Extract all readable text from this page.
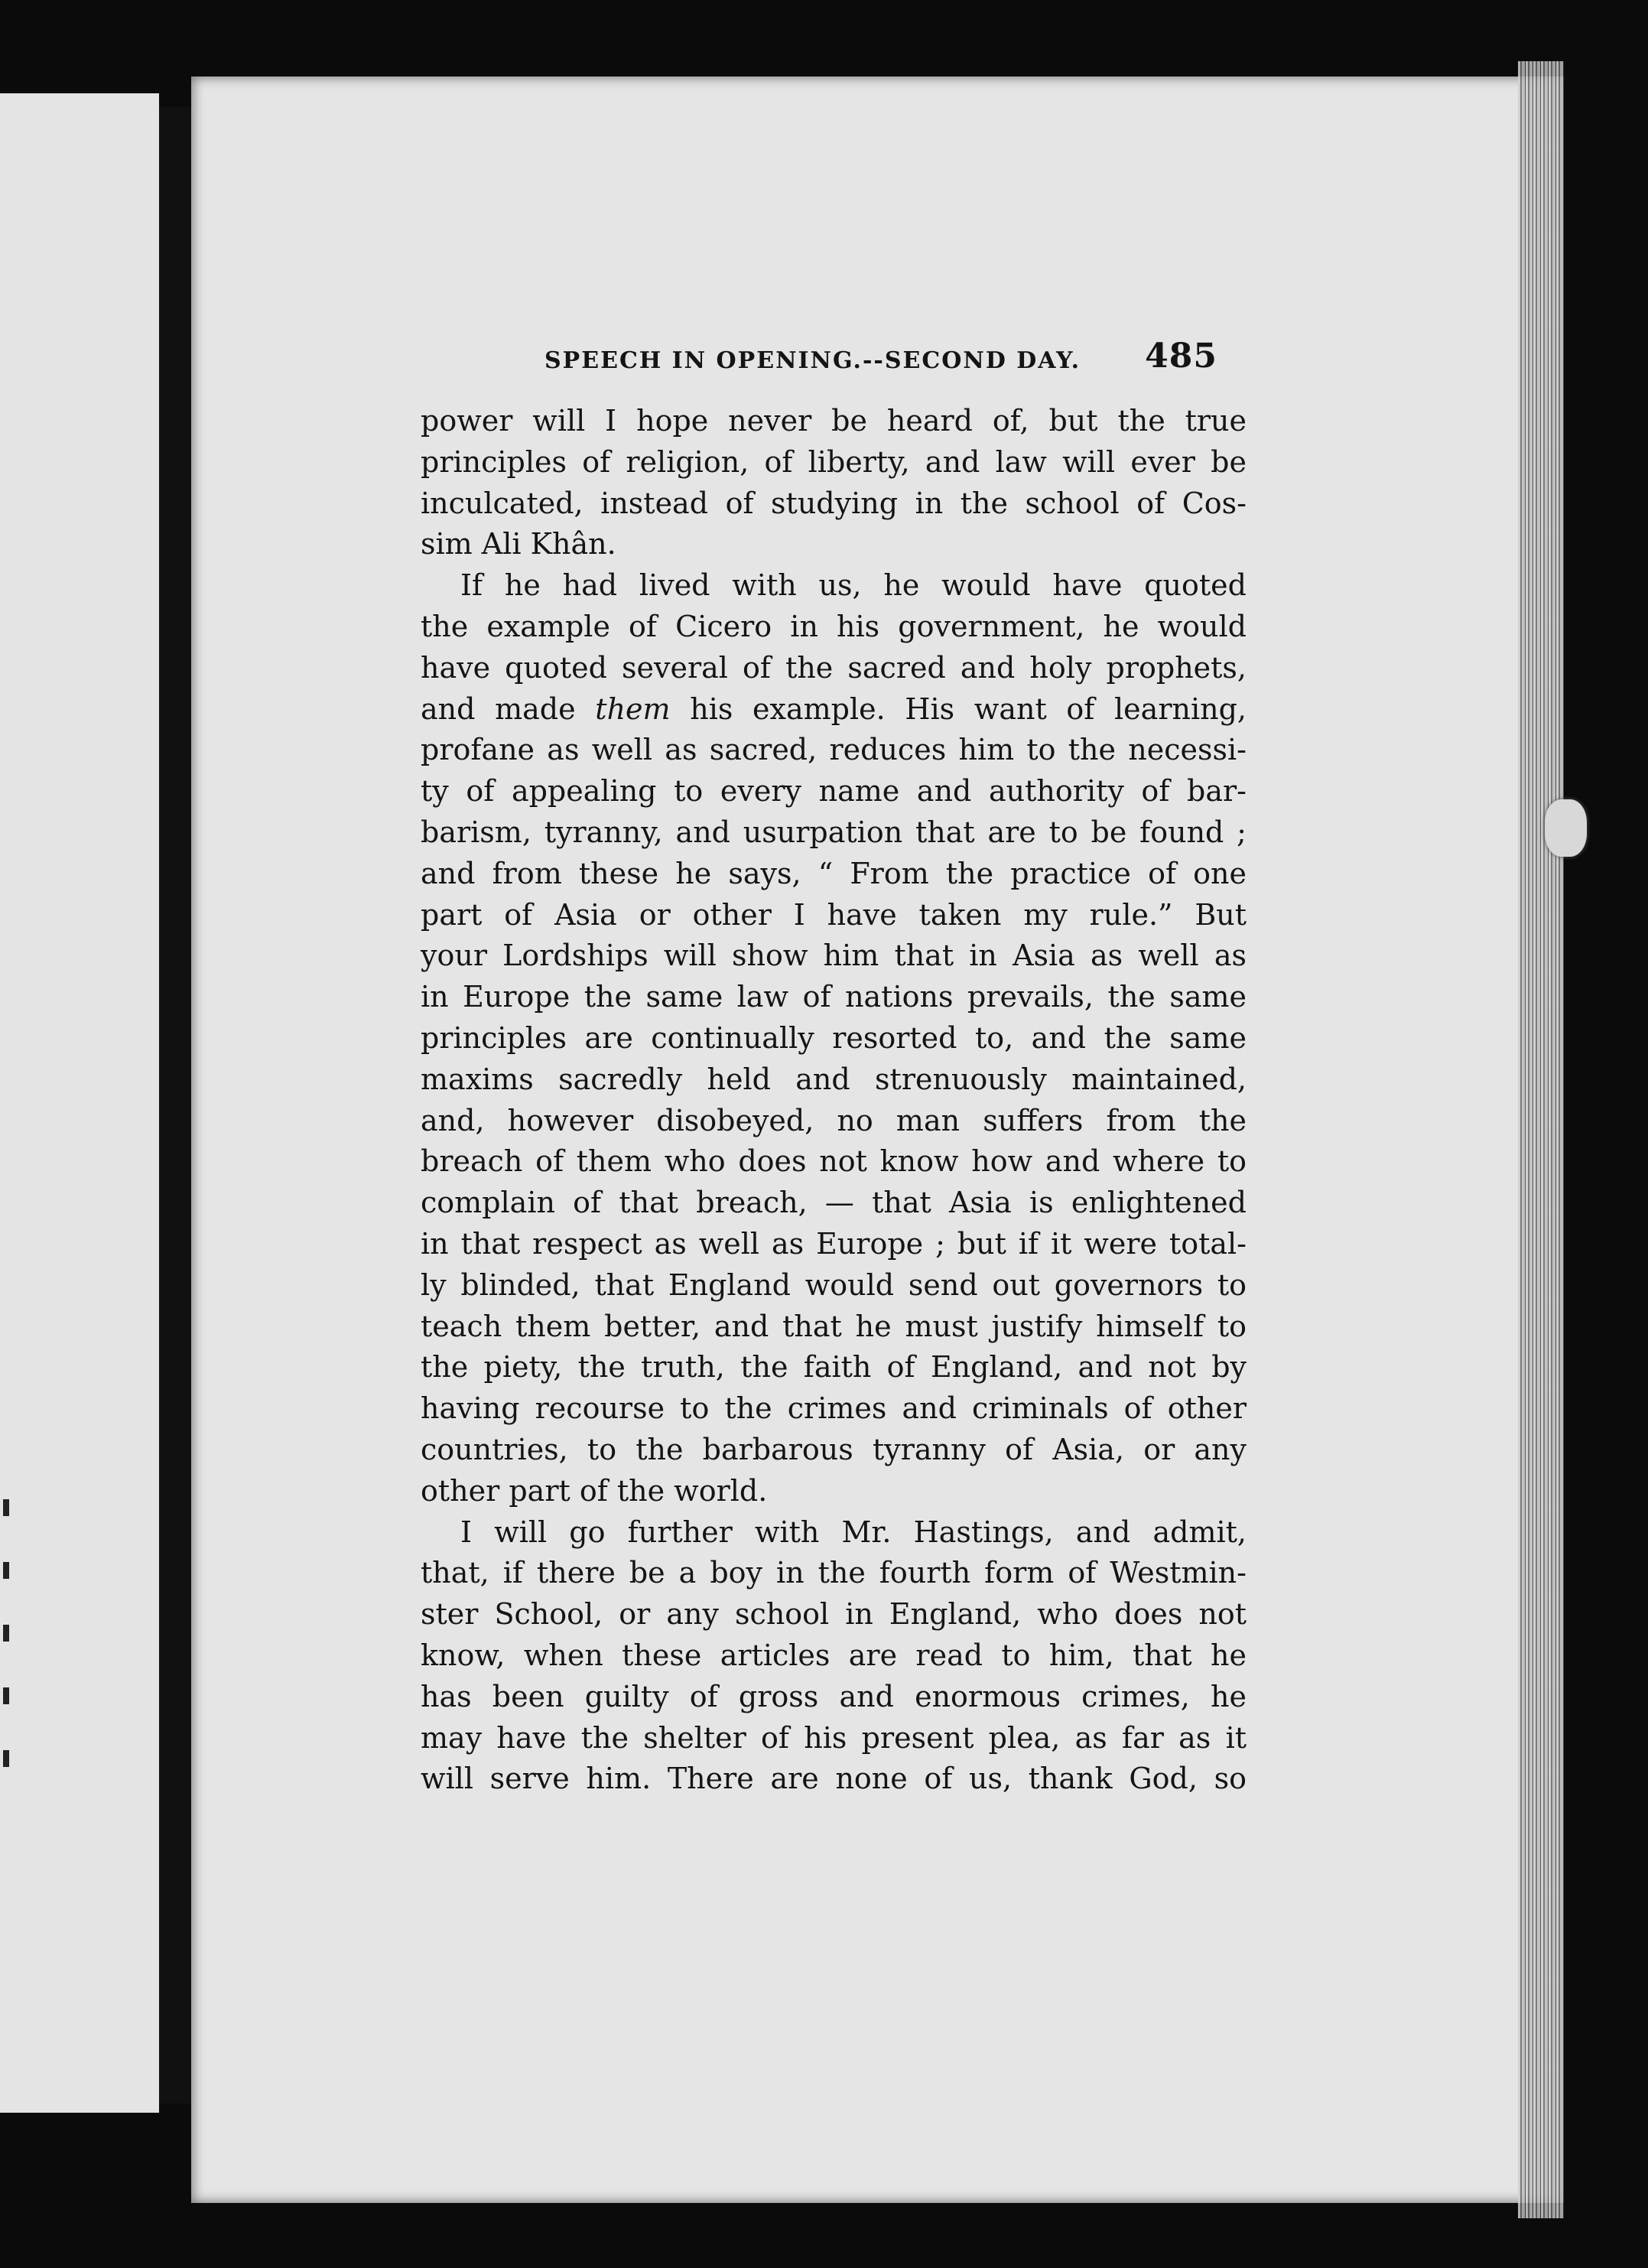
SPEECH IN OPENING.--SECOND DAY. 485
power will I hope never be heard of, but the true
principles of religion, of liberty, and law will ever be
inculcated, instead of studying in the school of Cos-
sim Ali Khân.
If he had lived with us, he would have quoted
the example of Cicero in his government, he would
have quoted several of the sacred and holy prophets,
and made them his example. His want of learning,
profane as well as sacred, reduces him to the necessi-
ty of appealing to every name and authority of bar-
barism, tyranny, and usurpation that are to be found ;
and from these he says, “ From the practice of one
part of Asia or other I have taken my rule.” But
your Lordships will show him that in Asia as well as
in Europe the same law of nations prevails, the same
principles are continually resorted to, and the same
maxims sacredly held and strenuously maintained,
and, however disobeyed, no man suffers from the
breach of them who does not know how and where to
complain of that breach, — that Asia is enlightened
in that respect as well as Europe ; but if it were total-
ly blinded, that England would send out governors to
teach them better, and that he must justify himself to
the piety, the truth, the faith of England, and not by
having recourse to the crimes and criminals of other
countries, to the barbarous tyranny of Asia, or any
other part of the world.
I will go further with Mr. Hastings, and admit,
that, if there be a boy in the fourth form of Westmin-
ster School, or any school in England, who does not
know, when these articles are read to him, that he
has been guilty of gross and enormous crimes, he
may have the shelter of his present plea, as far as it
will serve him. There are none of us, thank God, so
